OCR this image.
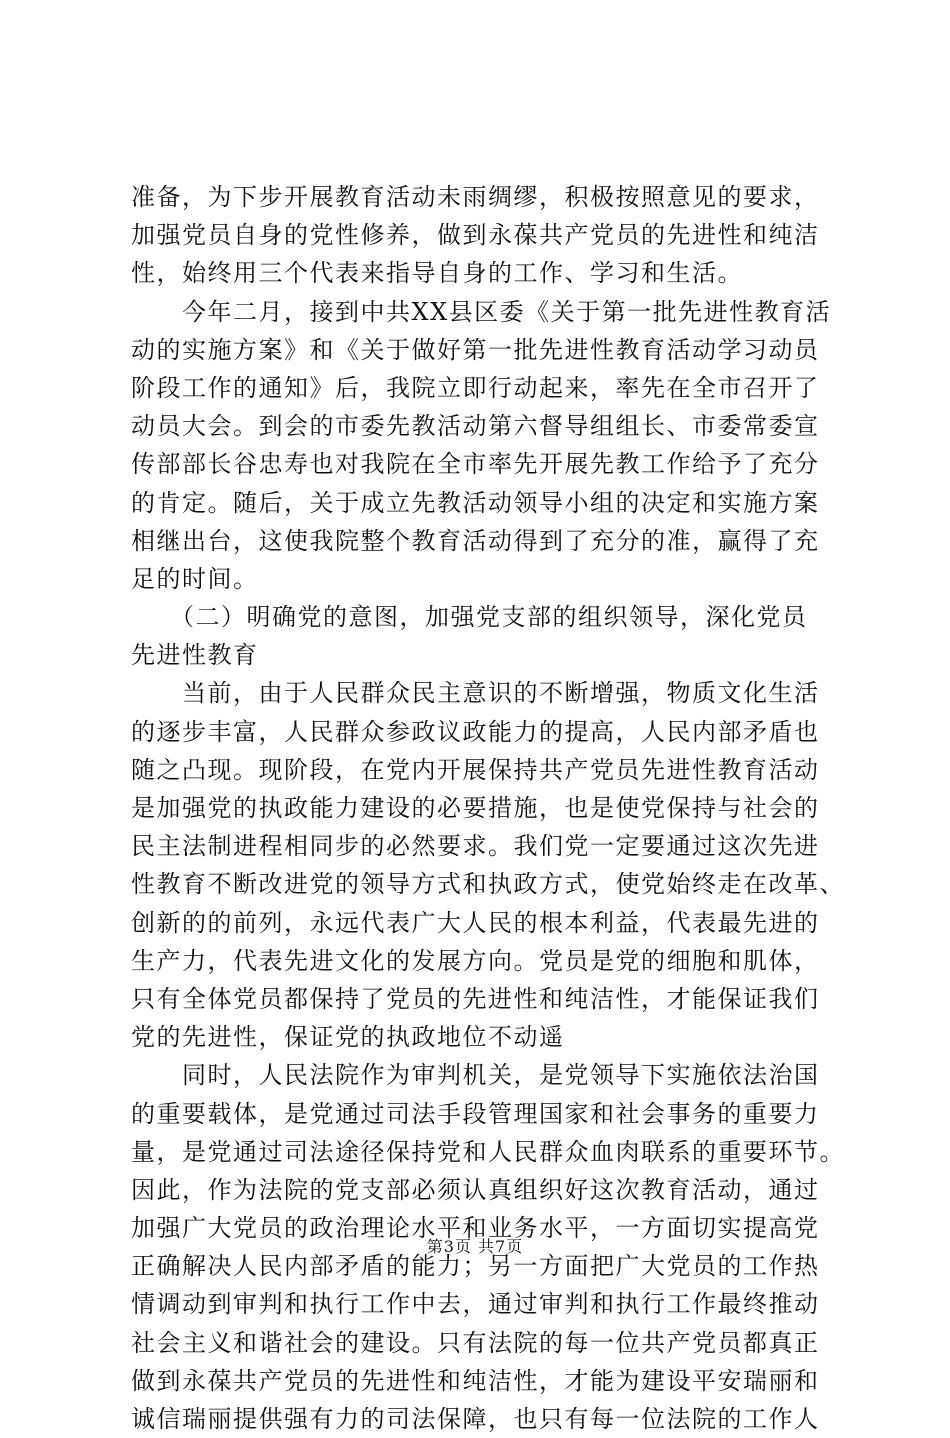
准备，为下步开展教育活动未雨绸缪，积极按照意见的要求，
加强党员自身的党性修养，做到永葆共产党员的先进性和纯洁
性，始终用三个代表来指导自身的工作、学习和生活。
　　今年二月，接到中共XX县区委《关于第一批先进性教育活
动的实施方案》和《关于做好第一批先进性教育活动学习动员
阶段工作的通知》后，我院立即行动起来，率先在全市召开了
动员大会。到会的市委先教活动第六督导组组长、市委常委宣
传部部长谷忠寿也对我院在全市率先开展先教工作给予了充分
的肯定。随后，关于成立先教活动领导小组的决定和实施方案
相继出台，这使我院整个教育活动得到了充分的准，赢得了充
足的时间。
　　（二）明确党的意图，加强党支部的组织领导，深化党员
先进性教育
　　当前，由于人民群众民主意识的不断增强，物质文化生活
的逐步丰富，人民群众参政议政能力的提高，人民内部矛盾也
随之凸现。现阶段，在党内开展保持共产党员先进性教育活动
是加强党的执政能力建设的必要措施，也是使党保持与社会的
民主法制进程相同步的必然要求。我们党一定要通过这次先进
性教育不断改进党的领导方式和执政方式，使党始终走在改革、
创新的的前列，永远代表广大人民的根本利益，代表最先进的
生产力，代表先进文化的发展方向。党员是党的细胞和肌体，
只有全体党员都保持了党员的先进性和纯洁性，才能保证我们
党的先进性，保证党的执政地位不动遥
　　同时，人民法院作为审判机关，是党领导下实施依法治国
的重要载体，是党通过司法手段管理国家和社会事务的重要力
量，是党通过司法途径保持党和人民群众血肉联系的重要环节。
因此，作为法院的党支部必须认真组织好这次教育活动，通过
加强广大党员的政治理论水平和业务水平，一方面切实提高党
正确解决人民内部矛盾的能力；另一方面把广大党员的工作热
情调动到审判和执行工作中去，通过审判和执行工作最终推动
社会主义和谐社会的建设。只有法院的每一位共产党员都真正
做到永葆共产党员的先进性和纯洁性，才能为建设平安瑞丽和
诚信瑞丽提供强有力的司法保障，也只有每一位法院的工作人
第3页 共7页
